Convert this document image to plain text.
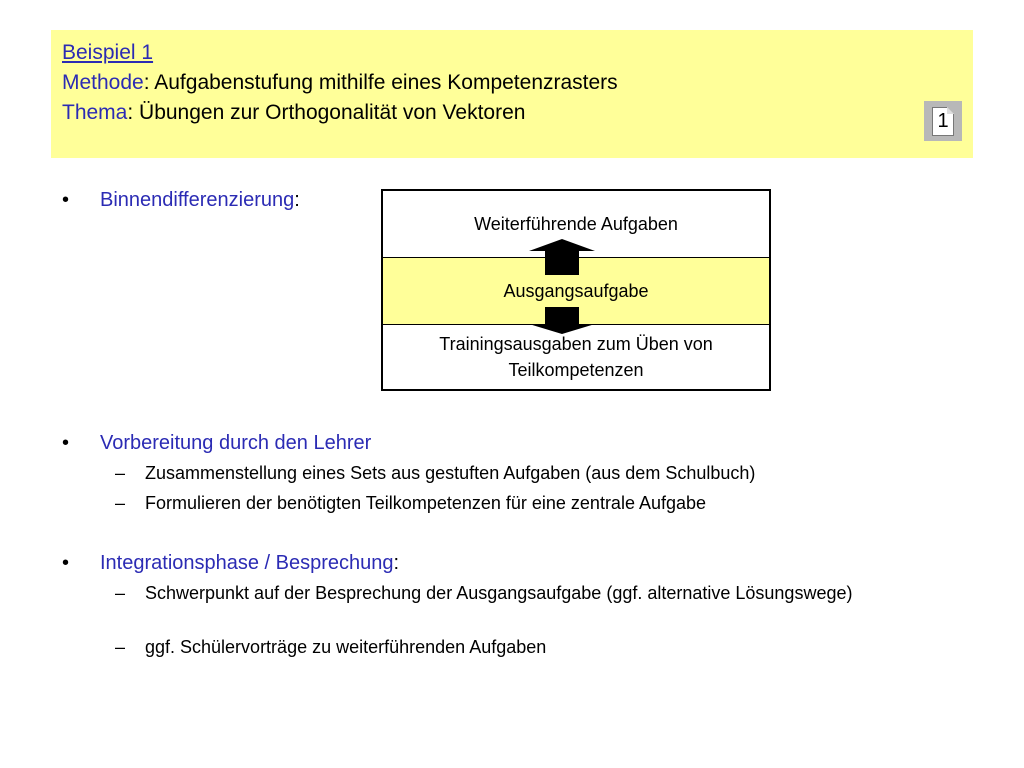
Beispiel 1
Methode: Aufgabenstufung mithilfe eines Kompetenzrasters
Thema: Übungen zur Orthogonalität von Vektoren	1
• Binnendifferenzierung:
Weiterführende Aufgaben
Ausgangsaufgabe
Trainingsausgaben zum Üben von Teilkompetenzen
• Vorbereitung durch den Lehrer
– Zusammenstellung eines Sets aus gestuften Aufgaben (aus dem Schulbuch)
– Formulieren der benötigten Teilkompetenzen für eine zentrale Aufgabe
• Integrationsphase / Besprechung:
– Schwerpunkt auf der Besprechung der Ausgangsaufgabe (ggf. alternative Lösungswege)
– ggf. Schülervorträge zu weiterführenden Aufgaben
